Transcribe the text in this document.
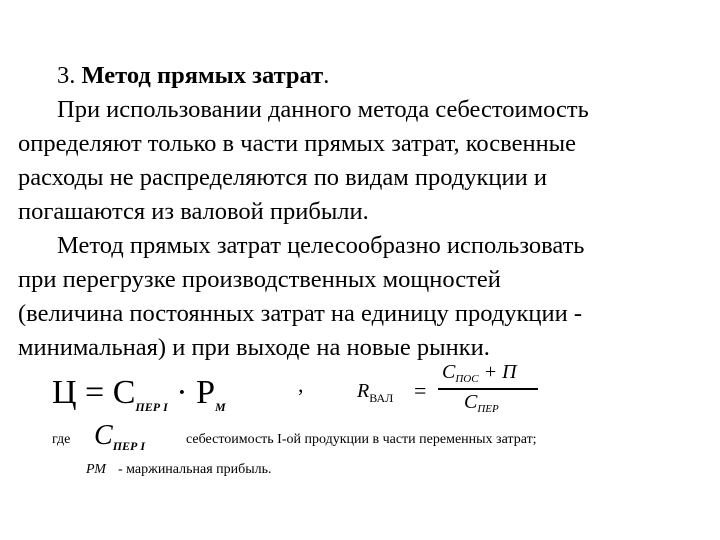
3. Метод прямых затрат.
При использовании данного метода себестоимость
определяют только в части прямых затрат, косвенные
расходы не распределяются по видам продукции и
погашаются из валовой прибыли.
Метод прямых затрат целесообразно использовать
при перегрузке производственных мощностей
(величина постоянных затрат на единицу продукции -
минимальная) и при выходе на новые рынки.
$Ц = С_{ПЕР I} \cdot Р_М$
,	$R_{ВАЛ}$ =
$С_{ПОС} + П$
$С_{ПЕР}$
где $С_{ПЕР I}$	себестоимость I-ой продукции в части переменных затрат;
РМ - маржинальная прибыль.
